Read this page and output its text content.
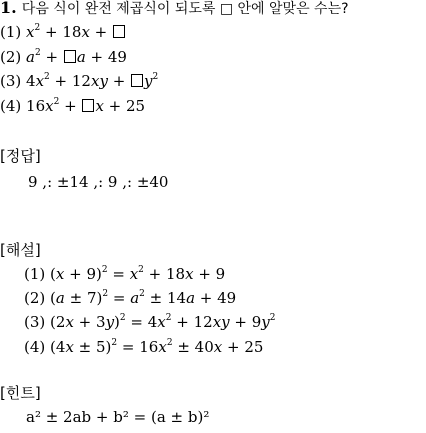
1. 다음 식이 완전 제곱식이 되도록 □ 안에 알맞은 수는?
(1) $x^2 + 18x$ +
(2) $a^2 + a + 49$
(3) $4x^2 + 12xy + y^2$
(4) $16x^2 + x + 25$
[정답]
9 ,: ±14 ,: 9 ,: ±40
[해설]
(1) $(x + 9)^2 = x^2 + 18x + 9$
(2) $(a \pm 7)^2 = a^2 \pm 14a + 49$
(3) $(2x + 3y)^2 = 4x^2 + 12xy + 9y^2$
(4) $(4x \pm 5)^2 = 16x^2 \pm 40x + 25$
[힌트]
a² ± 2ab + b² = (a ± b)²
